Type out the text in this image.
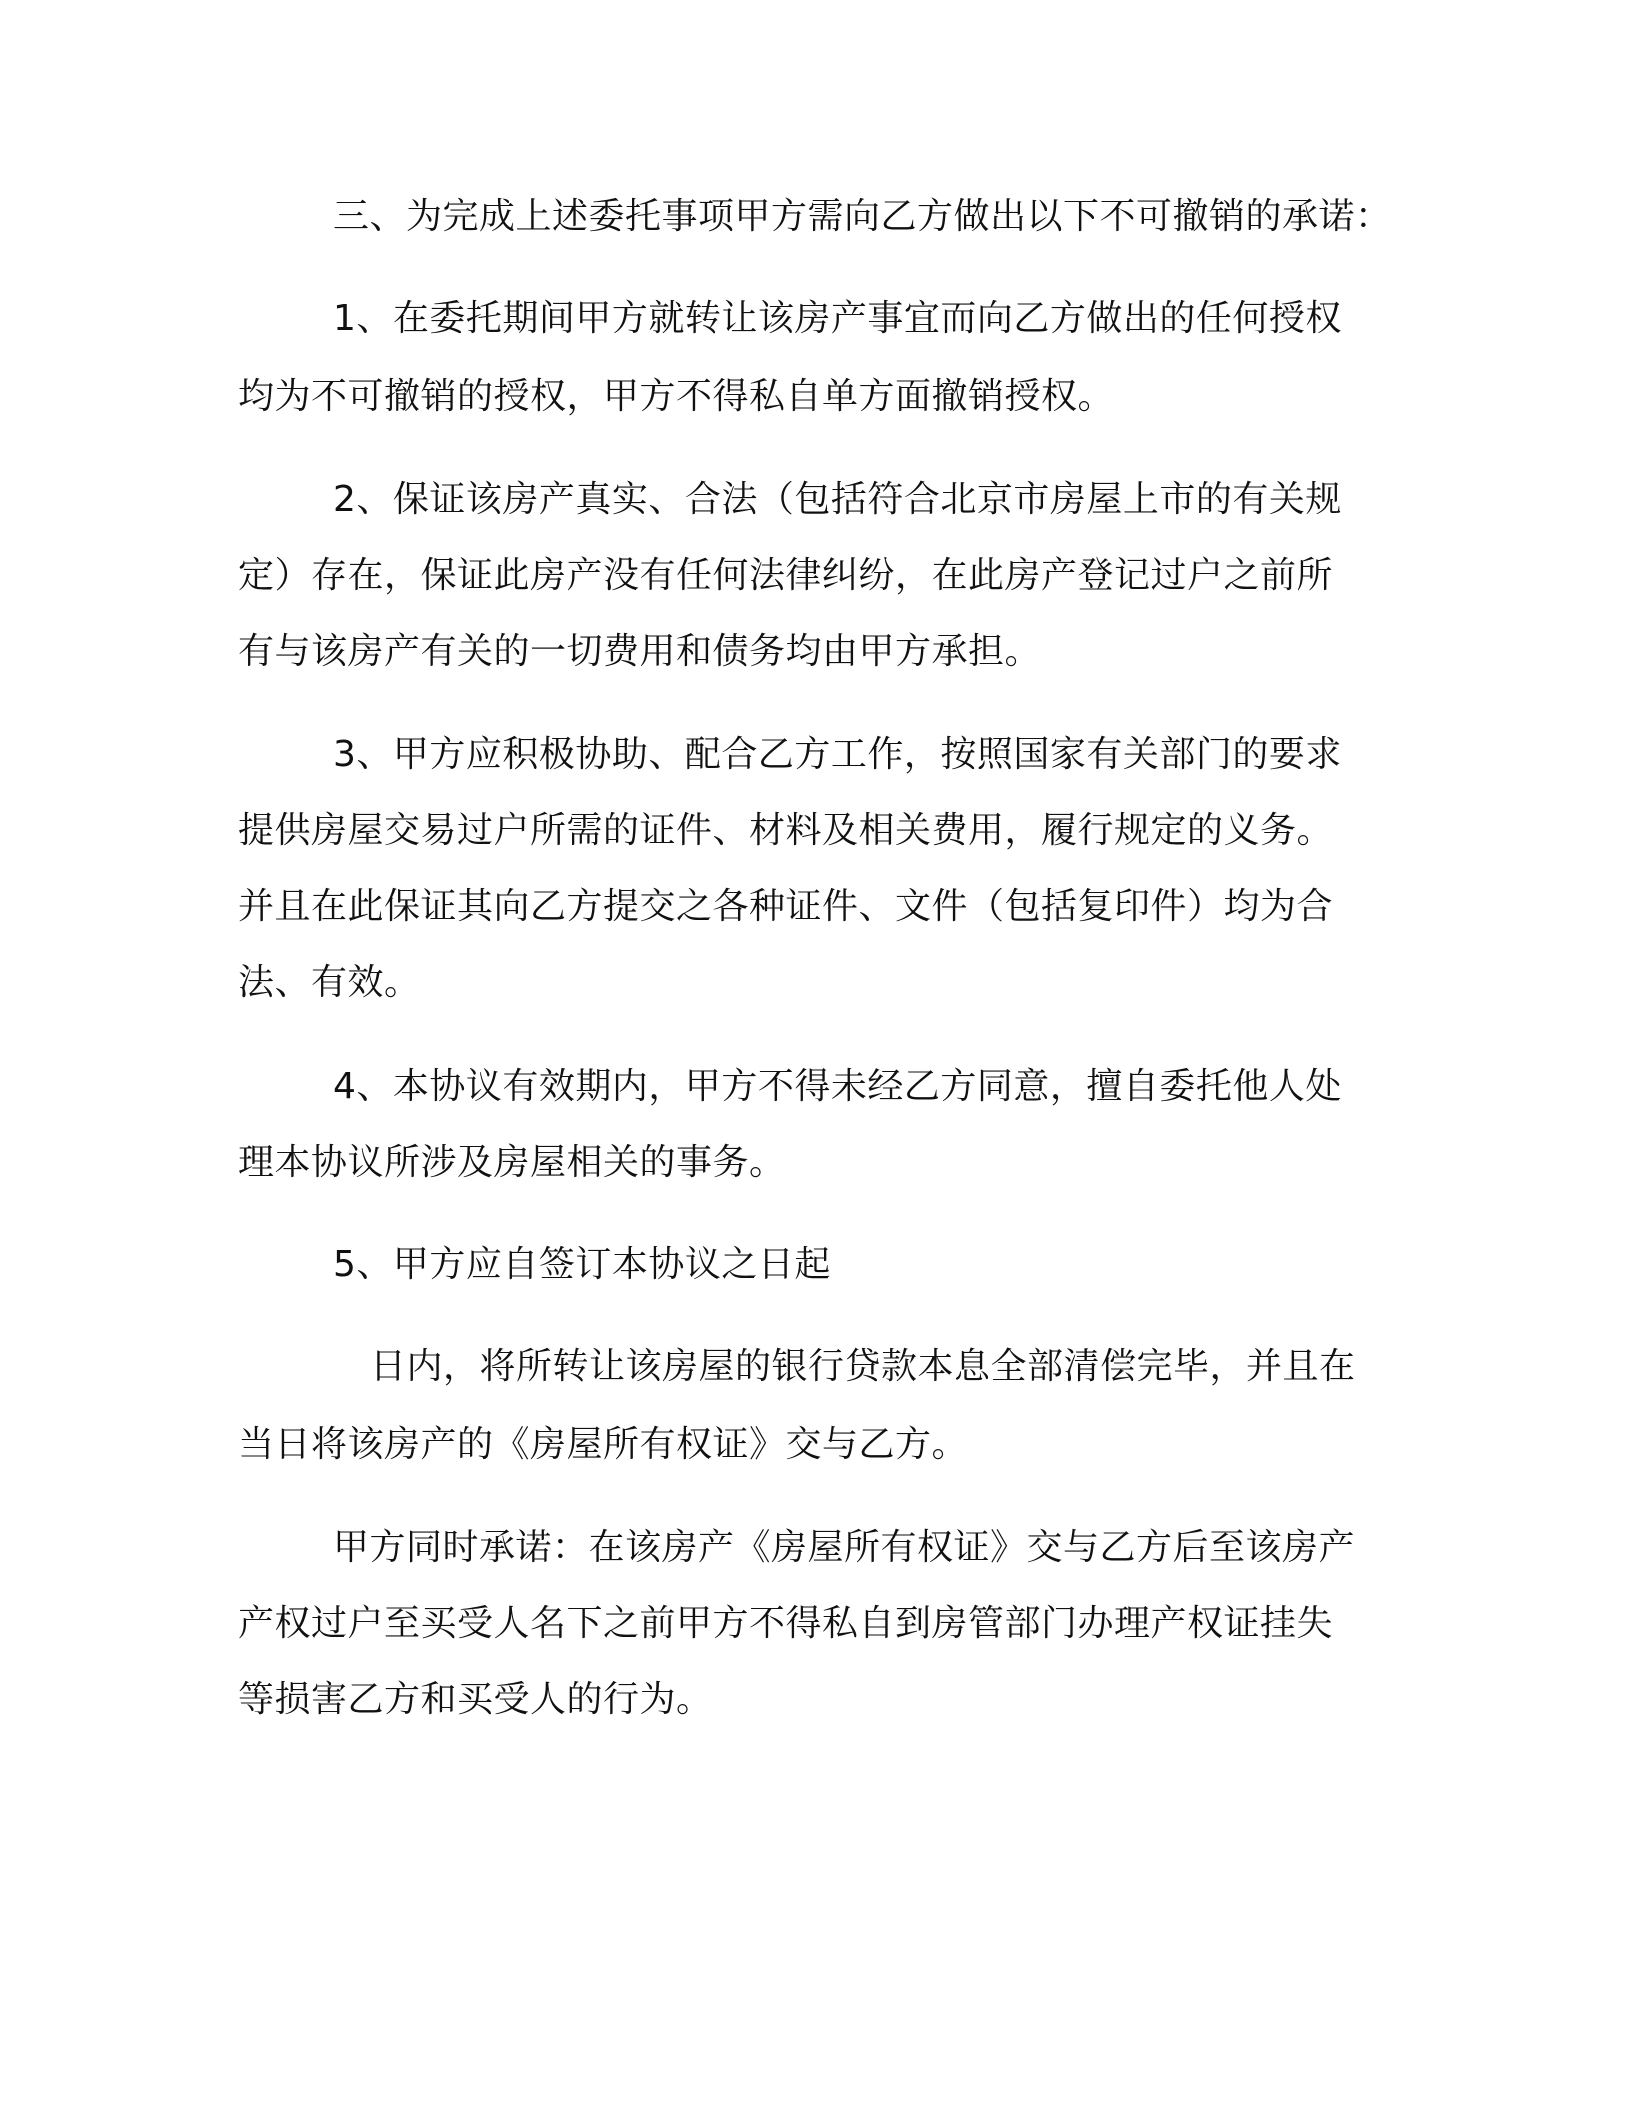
三、为完成上述委托事项甲方需向乙方做出以下不可撤销的承诺：
1、在委托期间甲方就转让该房产事宜而向乙方做出的任何授权
均为不可撤销的授权，甲方不得私自单方面撤销授权。
2、保证该房产真实、合法（包括符合北京市房屋上市的有关规
定）存在，保证此房产没有任何法律纠纷，在此房产登记过户之前所
有与该房产有关的一切费用和债务均由甲方承担。
3、甲方应积极协助、配合乙方工作，按照国家有关部门的要求
提供房屋交易过户所需的证件、材料及相关费用，履行规定的义务。
并且在此保证其向乙方提交之各种证件、文件（包括复印件）均为合
法、有效。
4、本协议有效期内，甲方不得未经乙方同意，擅自委托他人处
理本协议所涉及房屋相关的事务。
5、甲方应自签订本协议之日起
日内，将所转让该房屋的银行贷款本息全部清偿完毕，并且在
当日将该房产的《房屋所有权证》交与乙方。
甲方同时承诺：在该房产《房屋所有权证》交与乙方后至该房产
产权过户至买受人名下之前甲方不得私自到房管部门办理产权证挂失
等损害乙方和买受人的行为。
